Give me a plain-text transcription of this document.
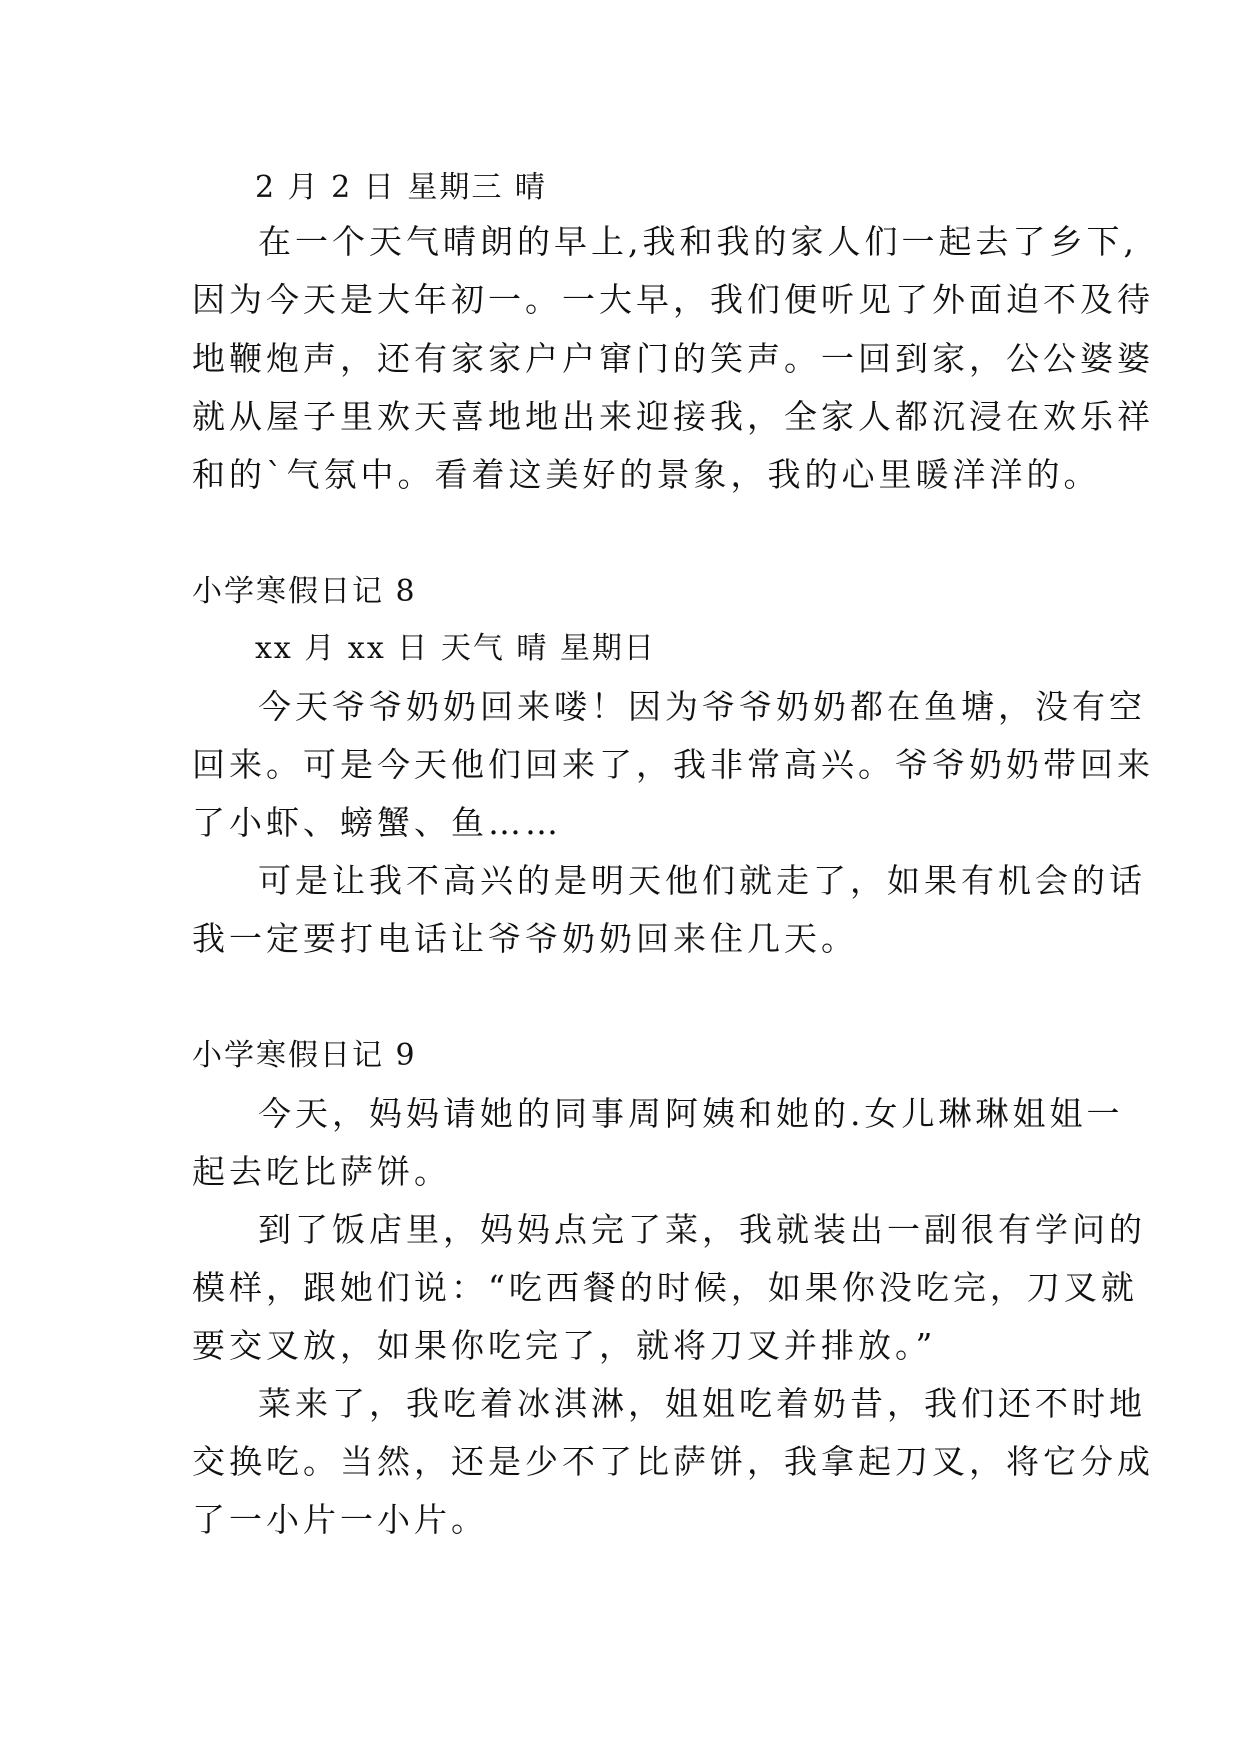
2 月 2 日 星期三 晴
在一个天气晴朗的早上,我和我的家人们一起去了乡下,
因为今天是大年初一。一大早，我们便听见了外面迫不及待
地鞭炮声，还有家家户户窜门的笑声。一回到家，公公婆婆
就从屋子里欢天喜地地出来迎接我，全家人都沉浸在欢乐祥
和的`气氛中。看着这美好的景象，我的心里暖洋洋的。
小学寒假日记 8
xx 月 xx 日 天气 晴 星期日
今天爷爷奶奶回来喽！因为爷爷奶奶都在鱼塘，没有空
回来。可是今天他们回来了，我非常高兴。爷爷奶奶带回来
了小虾、螃蟹、鱼……
可是让我不高兴的是明天他们就走了，如果有机会的话
我一定要打电话让爷爷奶奶回来住几天。
小学寒假日记 9
今天，妈妈请她的同事周阿姨和她的.女儿琳琳姐姐一
起去吃比萨饼。
到了饭店里，妈妈点完了菜，我就装出一副很有学问的
模样，跟她们说：“吃西餐的时候，如果你没吃完，刀叉就
要交叉放，如果你吃完了，就将刀叉并排放。”
菜来了，我吃着冰淇淋，姐姐吃着奶昔，我们还不时地
交换吃。当然，还是少不了比萨饼，我拿起刀叉，将它分成
了一小片一小片。
